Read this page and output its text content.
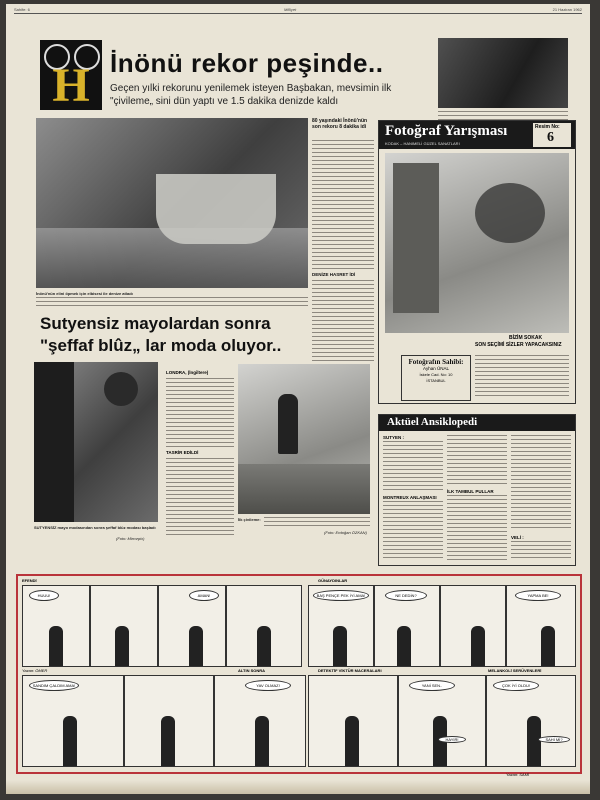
Sahife: 6	Milliyet	21 Haziran 1962
H İnönü rekor peşinde..
Geçen yılki rekorunu yenilemek isteyen Başbakan, mevsimin ilk "çivileme„ sini dün yaptı ve 1.5 dakika denizde kaldı
İnönü'nün elini öpmek için elbisesi ile denize atladı
80 yaşındaki İnönü'nün son rekoru 8 dakika idi
DENİZE HASRET İDİ
Fotoğraf Yarışması
KODAK – HANIMELİ GÜZEL SANATLARI
Resim No:
6
BİZİM SOKAK
SON SEÇİMİ SİZLER YAPACAKSINIZ
Fotoğrafın Sahibi:
Ayhan ÜNAL
İskele Cad. No: 10
İSTANBUL
Sutyensiz mayolardan sonra
"şeffaf blûz„ lar moda oluyor..
SUTYENSİZ mayo modasından sonra şeffaf blûz modası başladı
(Foto: Mirrorpix)
LONDRA, (İngiltere)
TASRİR EDİLDİ
İlk çivileme:
(Foto: Erdoğan ÖZKAN)
Aktüel Ansiklopedi
SUTYEN :
MONTREUX ANLAŞMASI
İLK TAMBUL PULLAR
VELİ :
EFENDİ	GÜNAYDINLAR
HUUU!	AMAN!	BAŞ PENÇE PEK İYİ AMA!	NE DEDİN?	YAPMA BE!
Yazan: ÖMER	ALTIN SONRA	DETEKTİF VİKTÜR MACERALARI	MELANKOLİ SERÜVENLERİ
SANDIM ÇALDIM AMA!	YAV OLMAZ!	YANİ SEN..	ÇOK İYİ OLDU!
SAHİ Mİ?
HAYIR!
Yazan: SAMİ
